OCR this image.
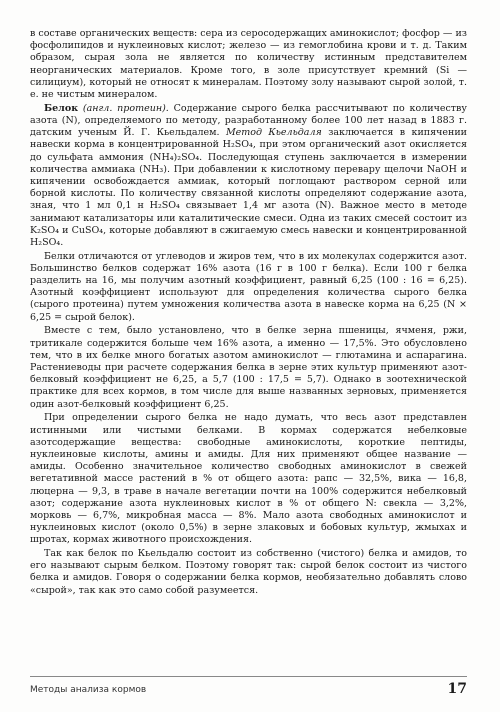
в составе органических веществ: сера из серосодержащих аминокислот; фосфор — из фосфолипидов и нуклеиновых кислот; железо — из гемоглобина крови и т. д. Таким образом, сырая зола не является по количеству истинным представителем неорганических материалов. Кроме того, в золе присутствует кремний (Si — силициум), который не относят к минералам. Поэтому золу называют сырой золой, т. е. не чистым минералом.

Белок (англ. протеин). Содержание сырого белка рассчитывают по количеству азота (N), определяемого по методу, разработанному более 100 лет назад в 1883 г. датским ученым Й. Г. Кьельдалем. Метод Кьельдаля заключается в кипячении навески корма в концентрированной H₂SO₄, при этом органический азот окисляется до сульфата аммония (NH₄)₂SO₄. Последующая ступень заключается в измерении количества аммиака (NH₃). При добавлении к кислотному перевару щелочи NaOH и кипячении освобождается аммиак, который поглощают раствором серной или борной кислоты. По количеству связанной кислоты определяют содержание азота, зная, что 1 мл 0,1 н H₂SO₄ связывает 1,4 мг азота (N). Важное место в методе занимают катализаторы или каталитические смеси. Одна из таких смесей состоит из K₂SO₄ и CuSO₄, которые добавляют в сжигаемую смесь навески и концентрированной H₂SO₄.

Белки отличаются от углеводов и жиров тем, что в их молекулах содержится азот. Большинство белков содержат 16% азота (16 г в 100 г белка). Если 100 г белка разделить на 16, мы получим азотный коэффициент, равный 6,25 (100 : 16 = 6,25). Азотный коэффициент используют для определения количества сырого белка (сырого протеина) путем умножения количества азота в навеске корма на 6,25 (N × 6,25 = сырой белок).

Вместе с тем, было установлено, что в белке зерна пшеницы, ячменя, ржи, тритикале содержится больше чем 16% азота, а именно — 17,5%. Это обусловлено тем, что в их белке много богатых азотом аминокислот — глютамина и аспарагина. Растениеводы при расчете содержания белка в зерне этих культур применяют азот-белковый коэффициент не 6,25, а 5,7 (100 : 17,5 = 5,7). Однако в зоотехнической практике для всех кормов, в том числе для выше названных зерновых, применяется один азот-белковый коэффициент 6,25.

При определении сырого белка не надо думать, что весь азот представлен истинными или чистыми белками. В кормах содержатся небелковые азотсодержащие вещества: свободные аминокислоты, короткие пептиды, нуклеиновые кислоты, амины и амиды. Для них применяют общее название — амиды. Особенно значительное количество свободных аминокислот в свежей вегетативной массе растений в % от общего азота: рапс — 32,5%, вика — 16,8, люцерна — 9,3, в траве в начале вегетации почти на 100% содержится небелковый азот; содержание азота нуклеиновых кислот в % от общего N: свекла — 3,2%, морковь — 6,7%, микробная масса — 8%. Мало азота свободных аминокислот и нуклеиновых кислот (около 0,5%) в зерне злаковых и бобовых культур, жмыхах и шротах, кормах животного происхождения.

Так как белок по Кьельдалю состоит из собственно (чистого) белка и амидов, то его называют сырым белком. Поэтому говорят так: сырой белок состоит из чистого белка и амидов. Говоря о содержании белка кормов, необязательно добавлять слово «сырой», так как это само собой разумеется.

Методы анализа кормов	17
